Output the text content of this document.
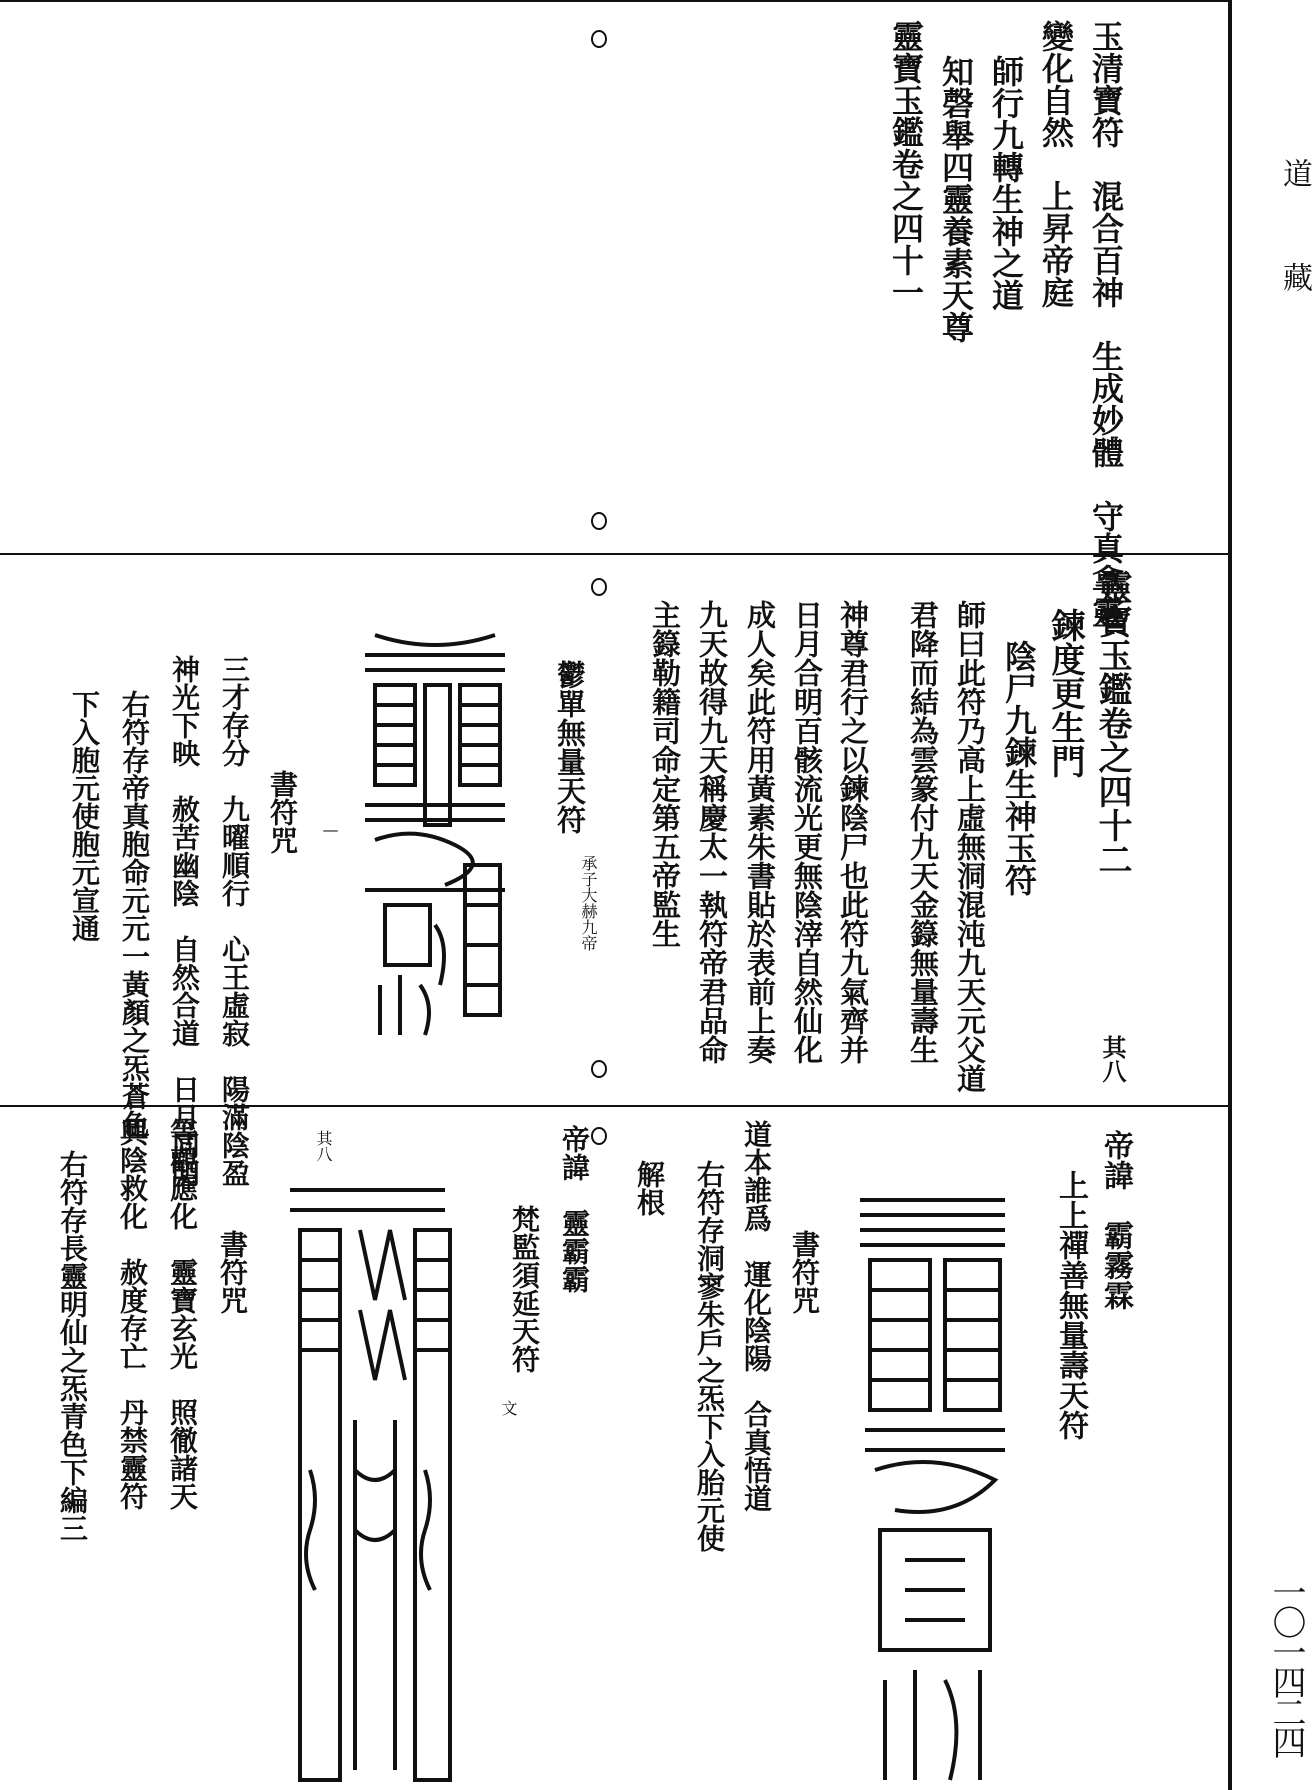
玉清寶符　混合百神　生成妙體　守真拿靈
變化自然　上昇帝庭
師行九轉生神之道
知磬舉四靈養素天尊
靈寶玉鑑卷之四十一
靈寶玉鑑卷之四十二
鍊度更生門
陰尸九鍊生神玉符
師曰此符乃高上虛無洞混沌九天元父道
君降而結為雲篆付九天金籙無量壽生
神尊君行之以鍊陰尸也此符九氣齊并
日月合明百骸流光更無陰滓自然仙化
成人矣此符用黃素朱書貼於表前上奏
九天故得九天稱慶太一執符帝君品命
主籙勒籍司命定第五帝監生
其八
鬱單無量天符
承子大赫九帝
—
書符咒
三才存分　九曜順行　心王虛寂　陽滿陰盈
神光下映　赦苦幽陰　自然合道　日月同明
右符存帝真胞命元元一黃顏之炁蒼色
下入胞元使胞元宣通
帝諱　霸霧霖
上上禪善無量壽天符
書符咒
道本誰爲　運化陰陽　合真悟道
右符存洞寥朱戶之炁下入胎元使
解根
帝諱　靈霸霸
梵監須延天符
文
其八
書符咒
等觀應化　靈寶玄光　照徹諸天
興陰救化　赦度存亡　丹禁靈符
右符存長靈明仙之炁青色下編三
道
藏
一〇一四二四
